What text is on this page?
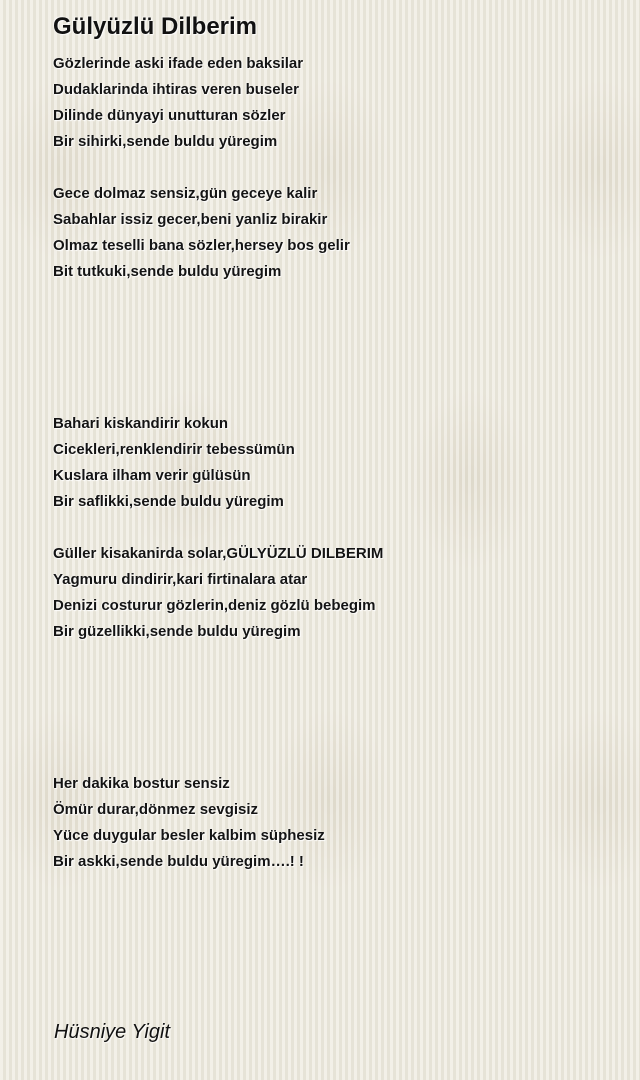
Gülyüzlü Dilberim
Gözlerinde aski ifade eden baksilar
Dudaklarinda ihtiras veren buseler
Dilinde dünyayi unutturan sözler
Bir sihirki,sende buldu yüregim
Gece dolmaz sensiz,gün geceye kalir
Sabahlar issiz gecer,beni yanliz birakir
Olmaz teselli bana sözler,hersey bos gelir
Bit tutkuki,sende buldu yüregim
Bahari kiskandirir kokun
Cicekleri,renklendirir tebessümün
Kuslara ilham verir gülüsün
Bir saflikki,sende buldu yüregim
Güller kisakanirda solar,GÜLYÜZLÜ DILBERIM
Yagmuru dindirir,kari firtinalara atar
Denizi costurur gözlerin,deniz gözlü bebegim
Bir güzellikki,sende buldu yüregim
Her dakika bostur sensiz
Ömür durar,dönmez sevgisiz
Yüce duygular besler kalbim süphesiz
Bir askki,sende buldu yüregim….! !

Hüsniye Yigit
